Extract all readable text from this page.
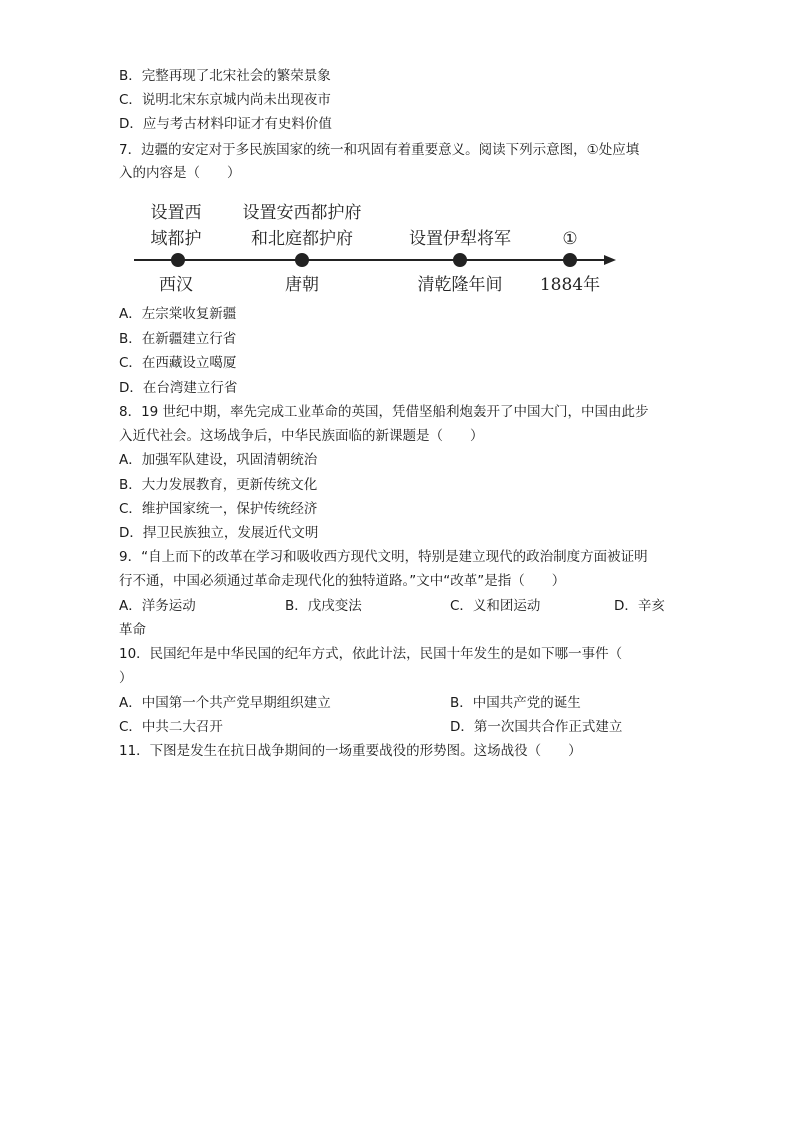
B．完整再现了北宋社会的繁荣景象
C．说明北宋东京城内尚未出现夜市
D．应与考古材料印证才有史料价值
7．边疆的安定对于多民族国家的统一和巩固有着重要意义。阅读下列示意图，①处应填
入的内容是（　　）
设置西
域都护
西汉
设置安西都护府
和北庭都护府
唐朝
设置伊犁将军
清乾隆年间
①
1884年
A．左宗棠收复新疆
B．在新疆建立行省
C．在西藏设立噶厦
D．在台湾建立行省
8．19 世纪中期，率先完成工业革命的英国，凭借坚船利炮轰开了中国大门，中国由此步
入近代社会。这场战争后，中华民族面临的新课题是（　　）
A．加强军队建设，巩固清朝统治
B．大力发展教育，更新传统文化
C．维护国家统一，保护传统经济
D．捍卫民族独立，发展近代文明
9．“自上而下的改革在学习和吸收西方现代文明，特别是建立现代的政治制度方面被证明
行不通，中国必须通过革命走现代化的独特道路。”文中“改革”是指（　　）
A．洋务运动	B．戊戌变法	C．义和团运动	D．辛亥
革命
10．民国纪年是中华民国的纪年方式，依此计法，民国十年发生的是如下哪一事件（
）
A．中国第一个共产党早期组织建立	B．中国共产党的诞生
C．中共二大召开	D．第一次国共合作正式建立
11．下图是发生在抗日战争期间的一场重要战役的形势图。这场战役（　　）
